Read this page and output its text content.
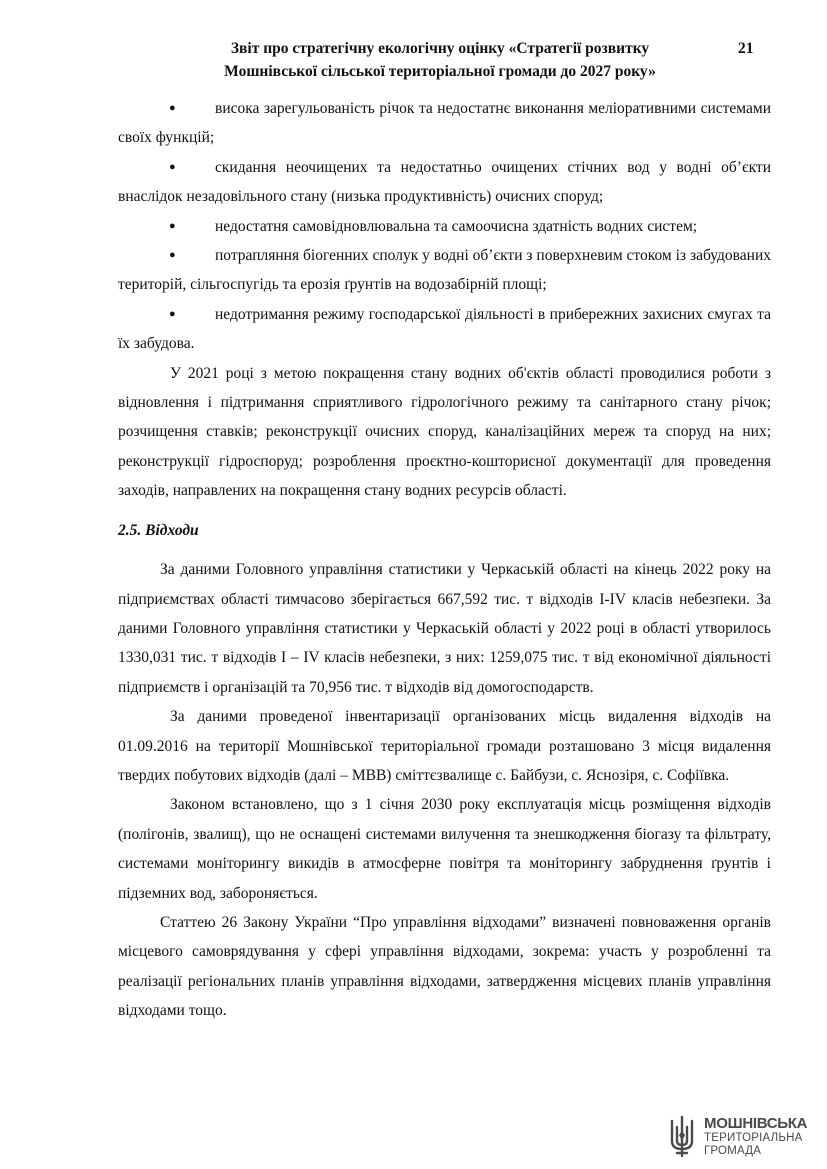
Звіт про стратегічну екологічну оцінку «Стратегії розвитку
Мошнівської сільської територіальної громади до 2027 року»
21

●	висока зарегульованість річок та недостатнє виконання меліоративними системами своїх функцій;

●	скидання неочищених та недостатньо очищених стічних вод у водні об’єкти внаслідок незадовільного стану (низька продуктивність) очисних споруд;

●	недостатня самовідновлювальна та самоочисна здатність водних систем;

●	потрапляння біогенних сполук у водні об’єкти з поверхневим стоком із забудованих територій, сільгоспугідь та ерозія ґрунтів на водозабірній площі;

●	недотримання режиму господарської діяльності в прибережних захисних смугах та їх забудова.

У 2021 році з метою покращення стану водних об'єктів області проводилися роботи з відновлення і підтримання сприятливого гідрологічного режиму та санітарного стану річок; розчищення ставків; реконструкції очисних споруд, каналізаційних мереж та споруд на них; реконструкції гідроспоруд; розроблення проєктно-кошторисної документації для проведення заходів, направлених на покращення стану водних ресурсів області.

2.5. Відходи

За даними Головного управління статистики у Черкаській області на кінець 2022 року на підприємствах області тимчасово зберігається 667,592 тис. т відходів I-IV класів небезпеки. За даними Головного управління статистики у Черкаській області у 2022 році в області утворилось 1330,031 тис. т відходів І – IV класів небезпеки, з них: 1259,075 тис. т від економічної діяльності підприємств і організацій та 70,956 тис. т відходів від домогосподарств.

За даними проведеної інвентаризації організованих місць видалення відходів на 01.09.2016 на території Мошнівської територіальної громади розташовано 3 місця видалення твердих побутових відходів (далі – МВВ) сміттєзвалище с. Байбузи, с. Яснозіря, с. Софіївка.

Законом встановлено, що з 1 січня 2030 року експлуатація місць розміщення відходів (полігонів, звалищ), що не оснащені системами вилучення та знешкодження біогазу та фільтрату, системами моніторингу викидів в атмосферне повітря та моніторингу забруднення ґрунтів і підземних вод, забороняється.

Статтею 26 Закону України “Про управління відходами” визначені повноваження органів місцевого самоврядування у сфері управління відходами, зокрема: участь у розробленні та реалізації регіональних планів управління відходами, затвердження місцевих планів управління відходами тощо.

МОШНІВСЬКА
ТЕРИТОРІАЛЬНА
ГРОМАДА
